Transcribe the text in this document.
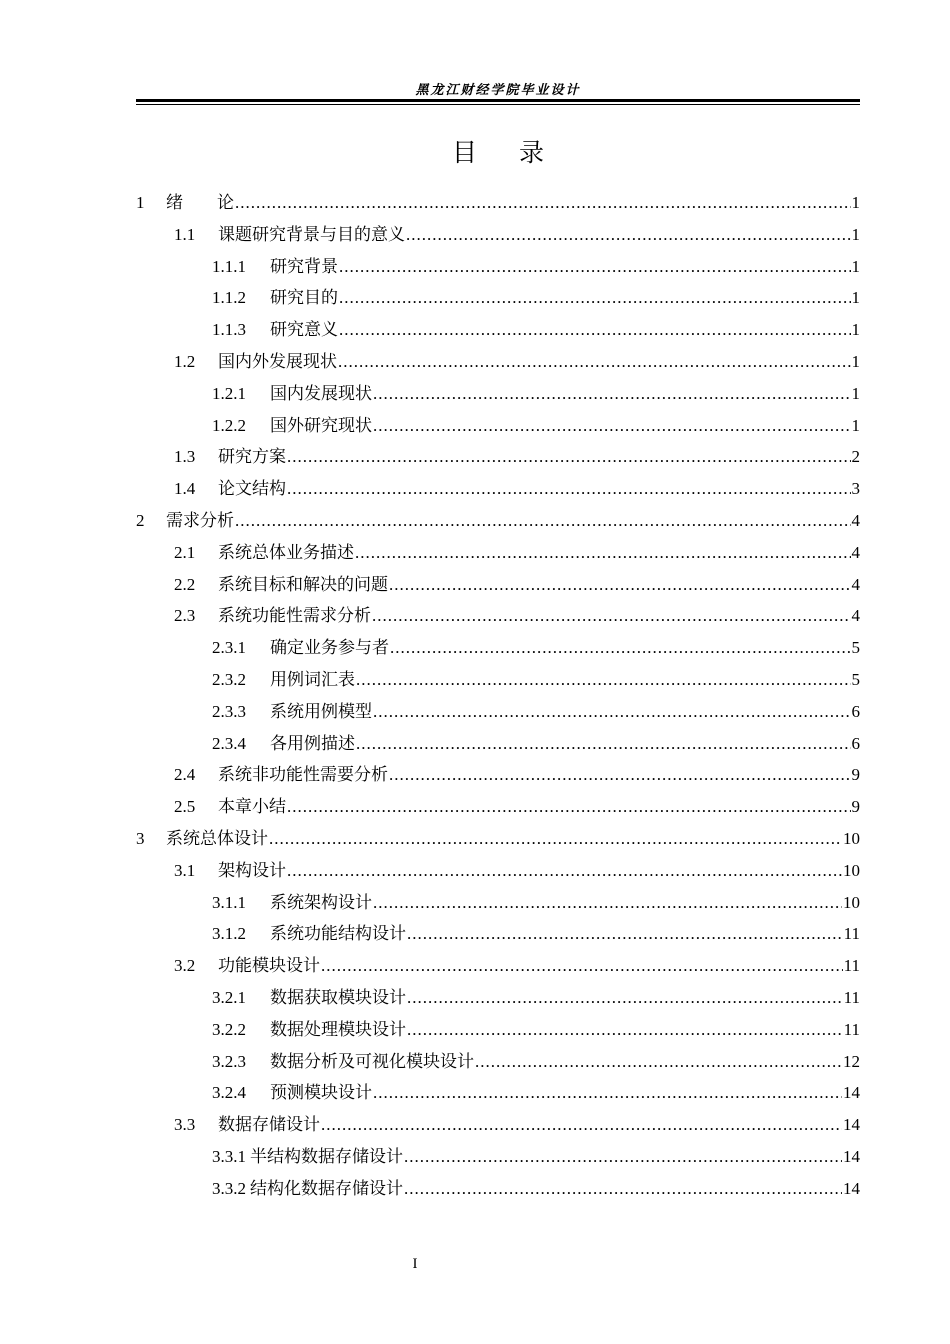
黑龙江财经学院毕业设计
目录
1	绪　　论 .....	1
1.1	课题研究背景与目的意义 .....	1
1.1.1	研究背景 .....	1
1.1.2	研究目的 .....	1
1.1.3	研究意义 .....	1
1.2	国内外发展现状 .....	1
1.2.1	国内发展现状 .....	1
1.2.2	国外研究现状 .....	1
1.3	研究方案 .....	2
1.4	论文结构 .....	3
2	需求分析 .....	4
2.1	系统总体业务描述 .....	4
2.2	系统目标和解决的问题 .....	4
2.3	系统功能性需求分析 .....	4
2.3.1	确定业务参与者 .....	5
2.3.2	用例词汇表 .....	5
2.3.3	系统用例模型 .....	6
2.3.4	各用例描述 .....	6
2.4	系统非功能性需要分析 .....	9
2.5	本章小结 .....	9
3	系统总体设计 .....	10
3.1	架构设计 .....	10
3.1.1	系统架构设计 .....	10
3.1.2	系统功能结构设计 .....	11
3.2	功能模块设计 .....	11
3.2.1	数据获取模块设计 .....	11
3.2.2	数据处理模块设计 .....	11
3.2.3	数据分析及可视化模块设计 .....	12
3.2.4	预测模块设计 .....	14
3.3	数据存储设计 .....	14
3.3.1 半结构数据存储设计 .....	14
3.3.2 结构化数据存储设计 .....	14
I
